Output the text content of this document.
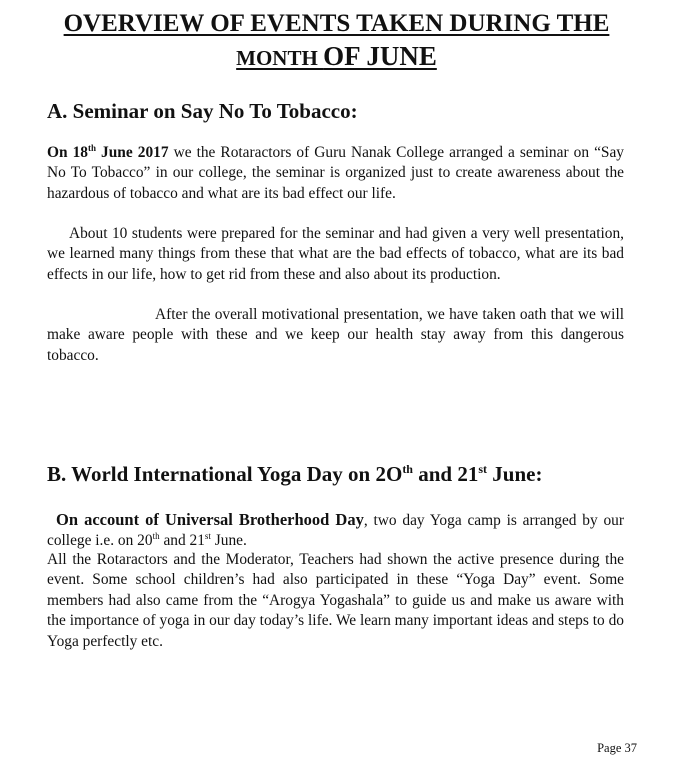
OVERVIEW OF EVENTS TAKEN DURING THE
MONTH OF JUNE
A. Seminar on Say No To Tobacco:

On 18th June 2017 we the Rotaractors of Guru Nanak College arranged a seminar on “Say No To Tobacco” in our college, the seminar is organized just to create awareness about the hazardous of tobacco and what are its bad effect our life.

About 10 students were prepared for the seminar and had given a very well presentation, we learned many things from these that what are the bad effects of tobacco, what are its bad effects in our life, how to get rid from these and also about its production.

After the overall motivational presentation, we have taken oath that we will make aware people with these and we keep our health stay away from this dangerous tobacco.

B. World International Yoga Day on $2O^{th}$ and 21st June:

On account of Universal Brotherhood Day, two day Yoga camp is arranged by our college i.e. on 20th and 21st June.

All the Rotaractors and the Moderator, Teachers had shown the active presence during the event. Some school children’s had also participated in these “Yoga Day” event. Some members had also came from the “Arogya Yogashala” to guide us and make us aware with the importance of yoga in our day today’s life. We learn many important ideas and steps to do Yoga perfectly etc.

Page 37
